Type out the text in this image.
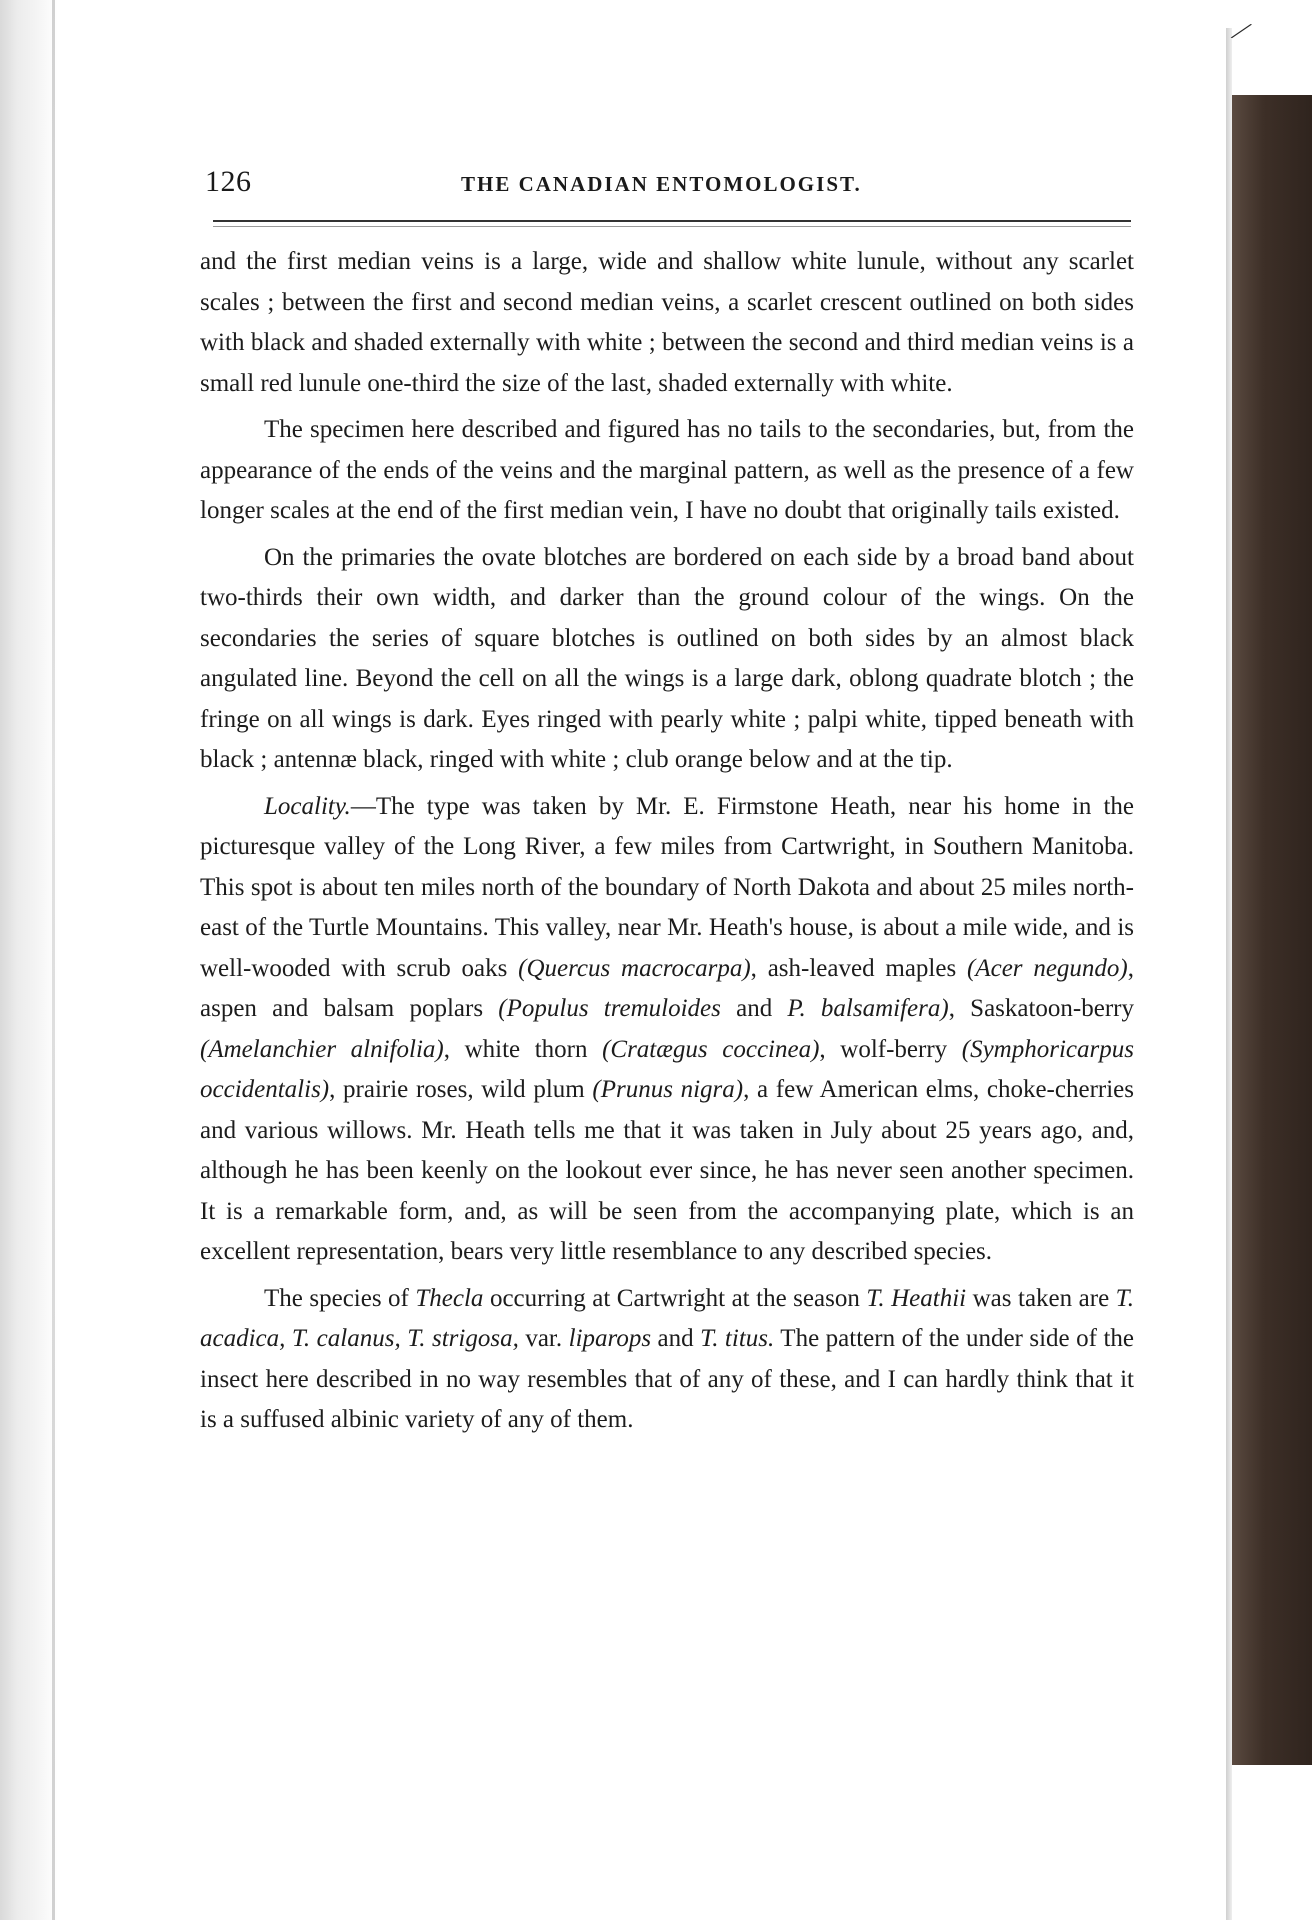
⁄
126	THE CANADIAN ENTOMOLOGIST.

and the first median veins is a large, wide and shallow white lunule, without any scarlet scales ; between the first and second median veins, a scarlet crescent outlined on both sides with black and shaded externally with white ; between the second and third median veins is a small red lunule one-third the size of the last, shaded externally with white.

The specimen here described and figured has no tails to the secondaries, but, from the appearance of the ends of the veins and the marginal pattern, as well as the presence of a few longer scales at the end of the first median vein, I have no doubt that originally tails existed.

On the primaries the ovate blotches are bordered on each side by a broad band about two-thirds their own width, and darker than the ground colour of the wings. On the secondaries the series of square blotches is outlined on both sides by an almost black angulated line. Beyond the cell on all the wings is a large dark, oblong quadrate blotch ; the fringe on all wings is dark. Eyes ringed with pearly white ; palpi white, tipped beneath with black ; antennæ black, ringed with white ; club orange below and at the tip.

Locality.—The type was taken by Mr. E. Firmstone Heath, near his home in the picturesque valley of the Long River, a few miles from Cartwright, in Southern Manitoba. This spot is about ten miles north of the boundary of North Dakota and about 25 miles north-east of the Turtle Mountains. This valley, near Mr. Heath's house, is about a mile wide, and is well-wooded with scrub oaks (Quercus macrocarpa), ash-leaved maples (Acer negundo), aspen and balsam poplars (Populus tremuloides and P. balsamifera), Saskatoon-berry (Amelanchier alnifolia), white thorn (Cratægus coccinea), wolf-berry (Symphoricarpus occidentalis), prairie roses, wild plum (Prunus nigra), a few American elms, choke-cherries and various willows. Mr. Heath tells me that it was taken in July about 25 years ago, and, although he has been keenly on the lookout ever since, he has never seen another specimen. It is a remarkable form, and, as will be seen from the accompanying plate, which is an excellent representation, bears very little resemblance to any described species.

The species of Thecla occurring at Cartwright at the season T. Heathii was taken are T. acadica, T. calanus, T. strigosa, var. liparops and T. titus. The pattern of the under side of the insect here described in no way resembles that of any of these, and I can hardly think that it is a suffused albinic variety of any of them.
